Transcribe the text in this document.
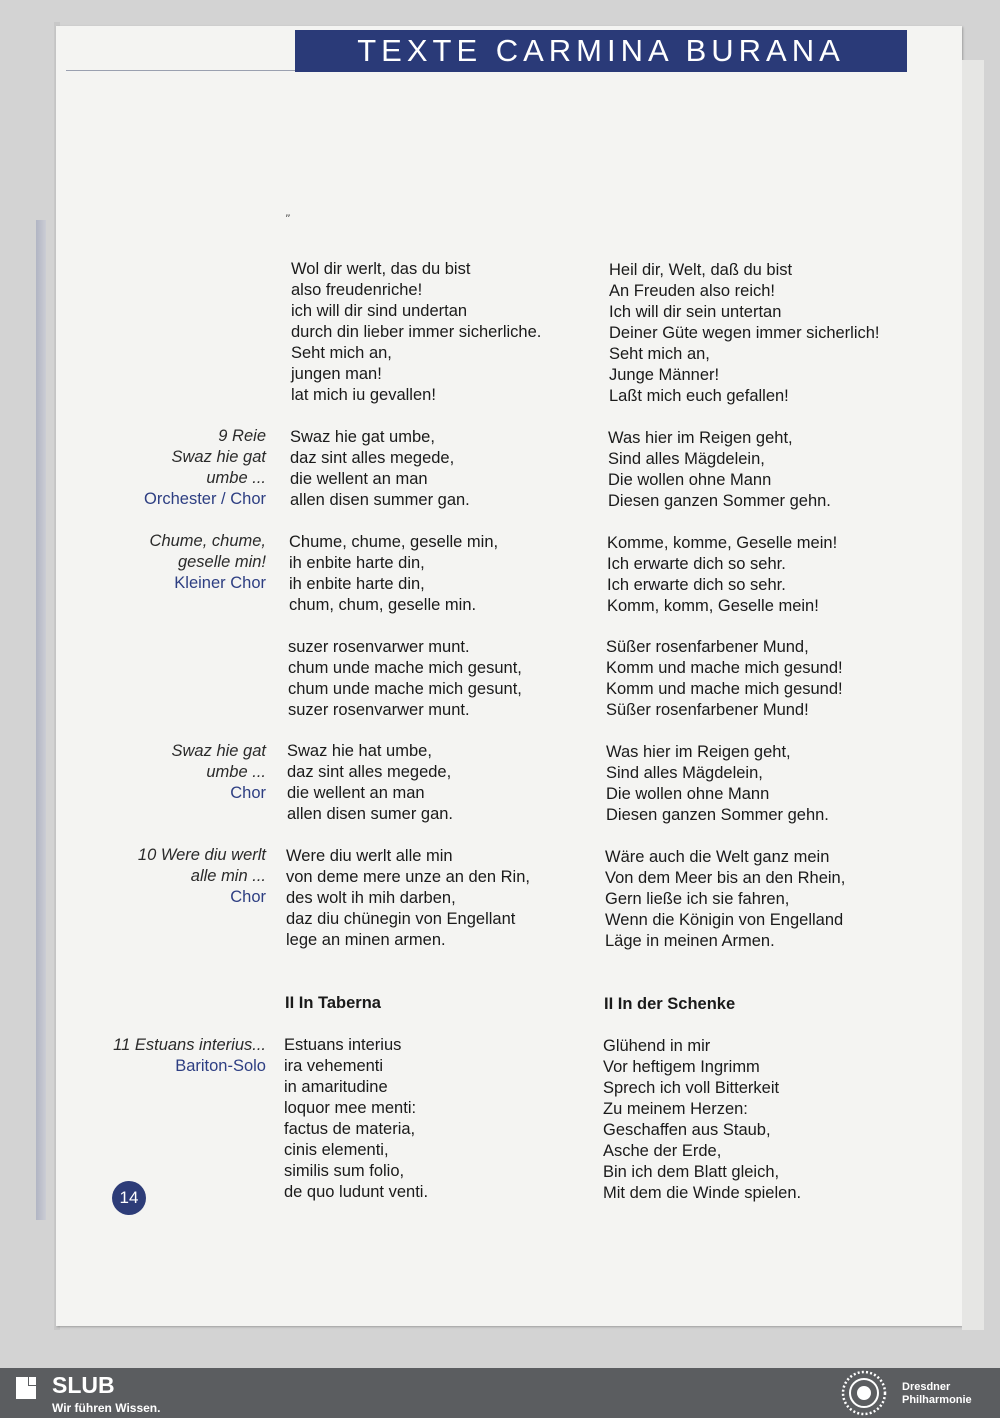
TEXTE CARMINA BURANA
„
Wol dir werlt, das du bist
also freudenriche!
ich will dir sind undertan
durch din lieber immer sicherliche.
Seht mich an,
jungen man!
lat mich iu gevallen!
Heil dir, Welt, daß du bist
An Freuden also reich!
Ich will dir sein untertan
Deiner Güte wegen immer sicherlich!
Seht mich an,
Junge Männer!
Laßt mich euch gefallen!
9 Reie
Swaz hie gat
umbe ...
Orchester / Chor
Swaz hie gat umbe,
daz sint alles megede,
die wellent an man
allen disen summer gan.
Was hier im Reigen geht,
Sind alles Mägdelein,
Die wollen ohne Mann
Diesen ganzen Sommer gehn.
Chume, chume,
geselle min!
Kleiner Chor
Chume, chume, geselle min,
ih enbite harte din,
ih enbite harte din,
chum, chum, geselle min.
Komme, komme, Geselle mein!
Ich erwarte dich so sehr.
Ich erwarte dich so sehr.
Komm, komm, Geselle mein!
suzer rosenvarwer munt.
chum unde mache mich gesunt,
chum unde mache mich gesunt,
suzer rosenvarwer munt.
Süßer rosenfarbener Mund,
Komm und mache mich gesund!
Komm und mache mich gesund!
Süßer rosenfarbener Mund!
Swaz hie gat
umbe ...
Chor
Swaz hie hat umbe,
daz sint alles megede,
die wellent an man
allen disen sumer gan.
Was hier im Reigen geht,
Sind alles Mägdelein,
Die wollen ohne Mann
Diesen ganzen Sommer gehn.
10 Were diu werlt
alle min ...
Chor
Were diu werlt alle min
von deme mere unze an den Rin,
des wolt ih mih darben,
daz diu chünegin von Engellant
lege an minen armen.
Wäre auch die Welt ganz mein
Von dem Meer bis an den Rhein,
Gern ließe ich sie fahren,
Wenn die Königin von Engelland
Läge in meinen Armen.
II In Taberna	II In der Schenke
11 Estuans interius...
Bariton-Solo
Estuans interius
ira vehementi
in amaritudine
loquor mee menti:
factus de materia,
cinis elementi,
similis sum folio,
de quo ludunt venti.
Glühend in mir
Vor heftigem Ingrimm
Sprech ich voll Bitterkeit
Zu meinem Herzen:
Geschaffen aus Staub,
Asche der Erde,
Bin ich dem Blatt gleich,
Mit dem die Winde spielen.
14
SLUB
Wir führen Wissen.
Dresdner
Philharmonie
